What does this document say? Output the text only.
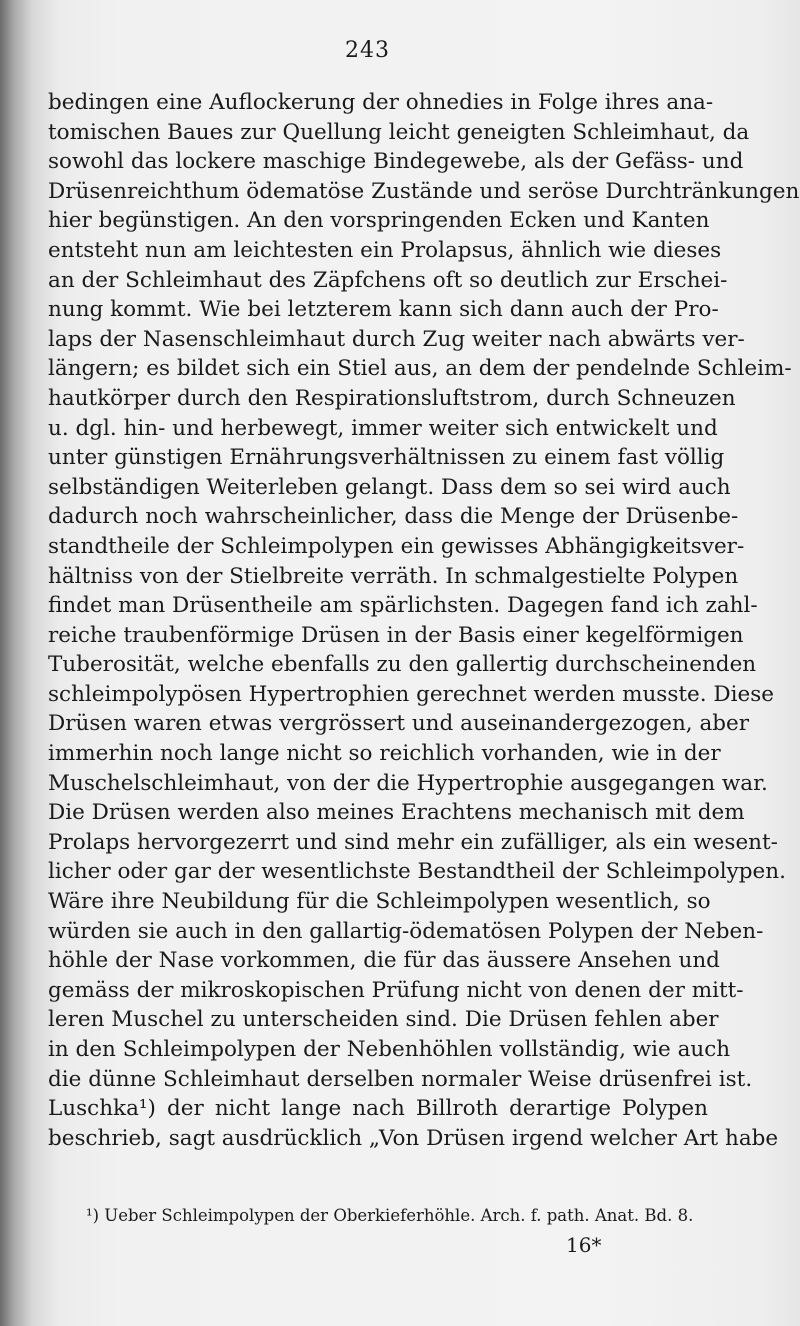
243
bedingen eine Auflockerung der ohnedies in Folge ihres ana-
tomischen Baues zur Quellung leicht geneigten Schleimhaut, da
sowohl das lockere maschige Bindegewebe, als der Gefäss- und
Drüsenreichthum ödematöse Zustände und seröse Durchtränkungen
hier begünstigen. An den vorspringenden Ecken und Kanten
entsteht nun am leichtesten ein Prolapsus, ähnlich wie dieses
an der Schleimhaut des Zäpfchens oft so deutlich zur Erschei-
nung kommt. Wie bei letzterem kann sich dann auch der Pro-
laps der Nasenschleimhaut durch Zug weiter nach abwärts ver-
längern; es bildet sich ein Stiel aus, an dem der pendelnde Schleim-
hautkörper durch den Respirationsluftstrom, durch Schneuzen
u. dgl. hin- und herbewegt, immer weiter sich entwickelt und
unter günstigen Ernährungsverhältnissen zu einem fast völlig
selbständigen Weiterleben gelangt. Dass dem so sei wird auch
dadurch noch wahrscheinlicher, dass die Menge der Drüsenbe-
standtheile der Schleimpolypen ein gewisses Abhängigkeitsver-
hältniss von der Stielbreite verräth. In schmalgestielte Polypen
findet man Drüsentheile am spärlichsten. Dagegen fand ich zahl-
reiche traubenförmige Drüsen in der Basis einer kegelförmigen
Tuberosität, welche ebenfalls zu den gallertig durchscheinenden
schleimpolypösen Hypertrophien gerechnet werden musste. Diese
Drüsen waren etwas vergrössert und auseinandergezogen, aber
immerhin noch lange nicht so reichlich vorhanden, wie in der
Muschelschleimhaut, von der die Hypertrophie ausgegangen war.
Die Drüsen werden also meines Erachtens mechanisch mit dem
Prolaps hervorgezerrt und sind mehr ein zufälliger, als ein wesent-
licher oder gar der wesentlichste Bestandtheil der Schleimpolypen.
Wäre ihre Neubildung für die Schleimpolypen wesentlich, so
würden sie auch in den gallartig-ödematösen Polypen der Neben-
höhle der Nase vorkommen, die für das äussere Ansehen und
gemäss der mikroskopischen Prüfung nicht von denen der mitt-
leren Muschel zu unterscheiden sind. Die Drüsen fehlen aber
in den Schleimpolypen der Nebenhöhlen vollständig, wie auch
die dünne Schleimhaut derselben normaler Weise drüsenfrei ist.
Luschka¹) der nicht lange nach Billroth derartige Polypen
beschrieb, sagt ausdrücklich „Von Drüsen irgend welcher Art habe
¹) Ueber Schleimpolypen der Oberkieferhöhle. Arch. f. path. Anat. Bd. 8.
16*
